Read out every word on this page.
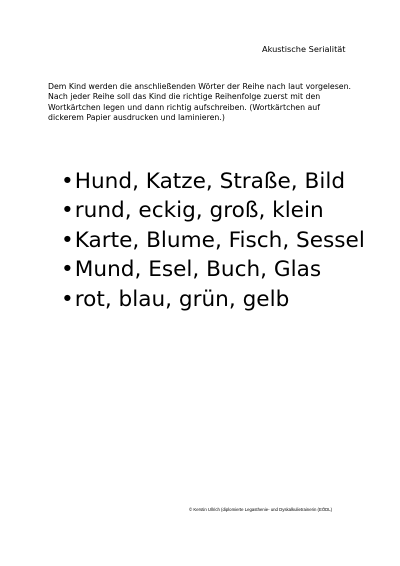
Akustische Serialität

Dem Kind werden die anschließenden Wörter der Reihe nach laut vorgelesen. Nach jeder Reihe soll das Kind die richtige Reihenfolge zuerst mit den Wortkärtchen legen und dann richtig aufschreiben. (Wortkärtchen auf dickerem Papier ausdrucken und laminieren.)

• Hund, Katze, Straße, Bild
• rund, eckig, groß, klein
• Karte, Blume, Fisch, Sessel
• Mund, Esel, Buch, Glas
• rot, blau, grün, gelb
© Kerstin Ullrich (diplomierte Legasthenie- und Dyskalkulietrainerin (EÖDL)
